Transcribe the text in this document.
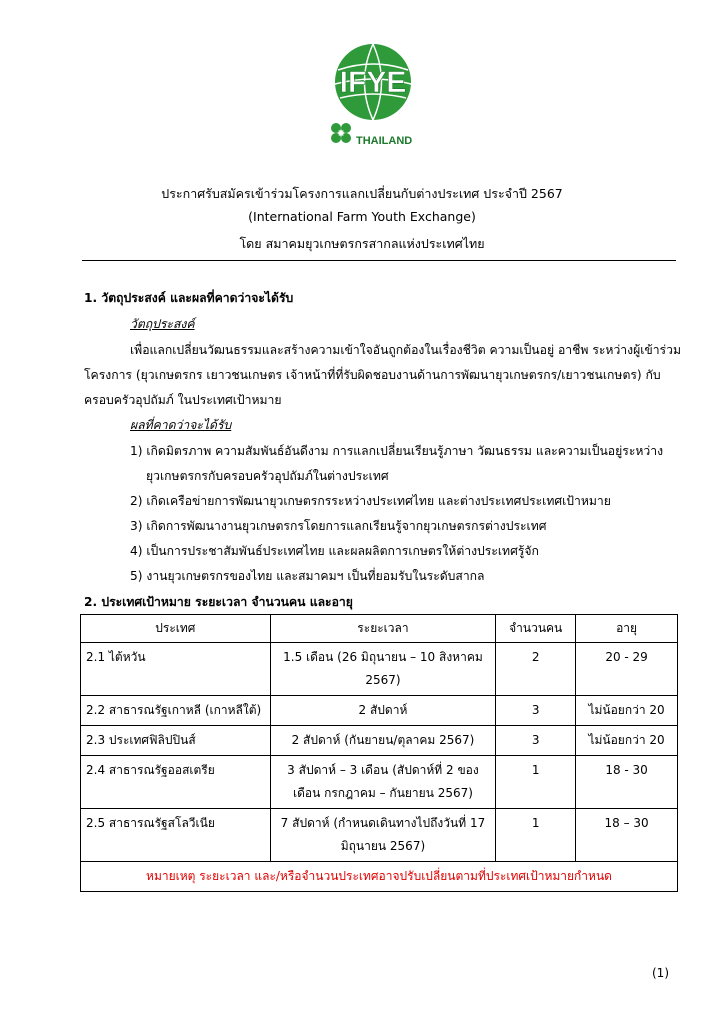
IFYE
H
THAILAND
ประกาศรับสมัครเข้าร่วมโครงการแลกเปลี่ยนกับต่างประเทศ ประจำปี 2567
(International Farm Youth Exchange)
โดย สมาคมยุวเกษตรกรสากลแห่งประเทศไทย
1. วัตถุประสงค์ และผลที่คาดว่าจะได้รับ
วัตถุประสงค์
เพื่อแลกเปลี่ยนวัฒนธรรมและสร้างความเข้าใจอันถูกต้องในเรื่องชีวิต ความเป็นอยู่ อาชีพ ระหว่างผู้เข้าร่วม
โครงการ (ยุวเกษตรกร เยาวชนเกษตร เจ้าหน้าที่ที่รับผิดชอบงานด้านการพัฒนายุวเกษตรกร/เยาวชนเกษตร) กับ
ครอบครัวอุปถัมภ์ ในประเทศเป้าหมาย
ผลที่คาดว่าจะได้รับ
1) เกิดมิตรภาพ ความสัมพันธ์อันดีงาม การแลกเปลี่ยนเรียนรู้ภาษา วัฒนธรรม และความเป็นอยู่ระหว่าง
ยุวเกษตรกรกับครอบครัวอุปถัมภ์ในต่างประเทศ
2) เกิดเครือข่ายการพัฒนายุวเกษตรกรระหว่างประเทศไทย และต่างประเทศประเทศเป้าหมาย
3) เกิดการพัฒนางานยุวเกษตรกรโดยการแลกเรียนรู้จากยุวเกษตรกรต่างประเทศ
4) เป็นการประชาสัมพันธ์ประเทศไทย และผลผลิตการเกษตรให้ต่างประเทศรู้จัก
5) งานยุวเกษตรกรของไทย และสมาคมฯ เป็นที่ยอมรับในระดับสากล
2. ประเทศเป้าหมาย ระยะเวลา จำนวนคน และอายุ
ประเทศ	ระยะเวลา	จำนวนคน	อายุ
2.1 ไต้หวัน	1.5 เดือน (26 มิถุนายน – 10 สิงหาคม 2567)	2	20 - 29
2.2 สาธารณรัฐเกาหลี (เกาหลีใต้)	2 สัปดาห์	3	ไม่น้อยกว่า 20
2.3 ประเทศฟิลิปปินส์	2 สัปดาห์ (กันยายน/ตุลาคม 2567)	3	ไม่น้อยกว่า 20
2.4 สาธารณรัฐออสเตรีย	3 สัปดาห์ – 3 เดือน (สัปดาห์ที่ 2 ของเดือน กรกฎาคม – กันยายน 2567)	1	18 - 30
2.5 สาธารณรัฐสโลวีเนีย	7 สัปดาห์ (กำหนดเดินทางไปถึงวันที่ 17 มิถุนายน 2567)	1	18 – 30
หมายเหตุ ระยะเวลา และ/หรือจำนวนประเทศอาจปรับเปลี่ยนตามที่ประเทศเป้าหมายกำหนด			
(1)
